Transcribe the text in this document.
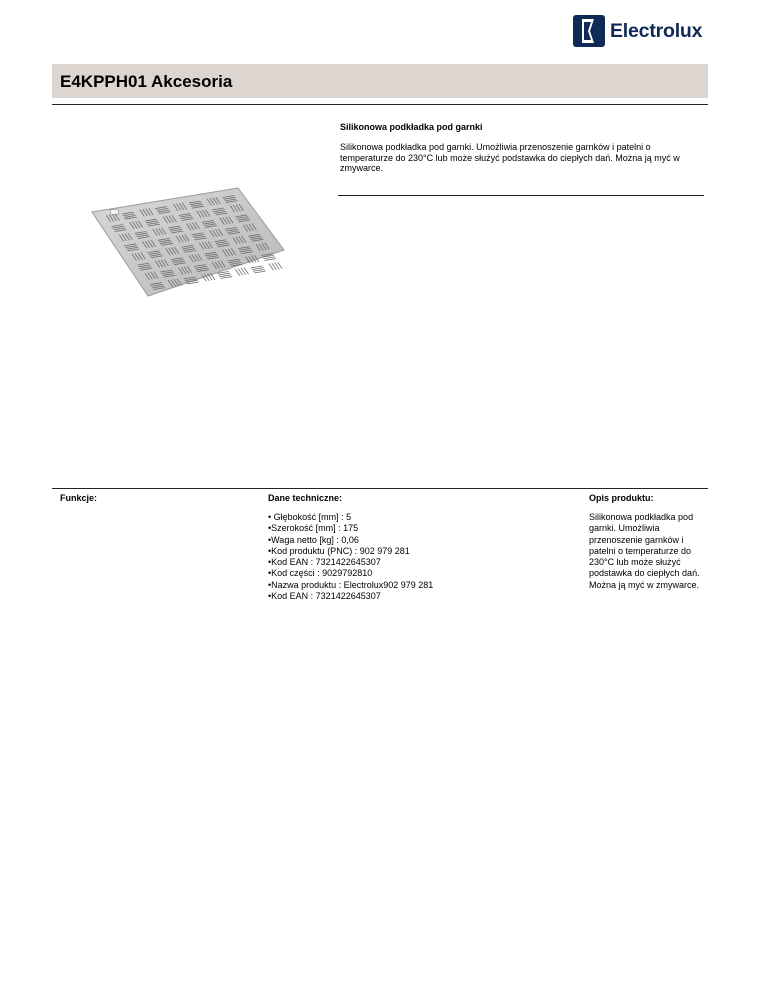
Electrolux
E4KPPH01 Akcesoria
Silikonowa podkładka pod garnki
Silikonowa podkładka pod garnki. Umożliwia przenoszenie garnków i patelni o temperaturze do 230°C lub może służyć podstawka do ciepłych dań. Można ją myć w zmywarce.
Funkcje:	Dane techniczne:	Opis produktu:
• Głębokość [mm] : 5
•Szerokość [mm] : 175
•Waga netto [kg] : 0,06
•Kod produktu (PNC) : 902 979 281
•Kod EAN : 7321422645307
•Kod części : 9029792810
•Nazwa produktu : Electrolux902 979 281
•Kod EAN : 7321422645307
Silikonowa podkładka pod garnki. Umożliwia przenoszenie garnków i patelni o temperaturze do 230°C lub może służyć podstawka do ciepłych dań. Można ją myć w zmywarce.
